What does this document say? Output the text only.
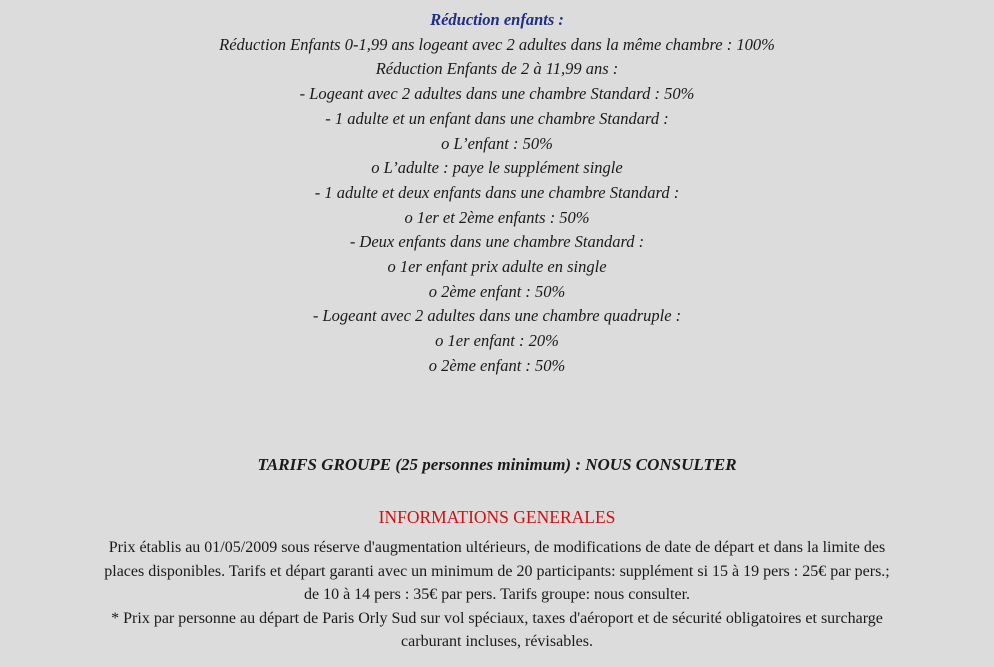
Réduction enfants :
Réduction Enfants 0-1,99 ans logeant avec 2 adultes dans la même chambre : 100%
Réduction Enfants de 2 à 11,99 ans :
- Logeant avec 2 adultes dans une chambre Standard : 50%
- 1 adulte et un enfant dans une chambre Standard :
o L’enfant : 50%
o L’adulte : paye le supplément single
- 1 adulte et deux enfants dans une chambre Standard :
o 1er et 2ème enfants : 50%
- Deux enfants dans une chambre Standard :
o 1er enfant prix adulte en single
o 2ème enfant : 50%
- Logeant avec 2 adultes dans une chambre quadruple :
o 1er enfant : 20%
o 2ème enfant : 50%
TARIFS GROUPE (25 personnes minimum) : NOUS CONSULTER
INFORMATIONS GENERALES
Prix établis au 01/05/2009 sous réserve d'augmentation ultérieurs, de modifications de date de départ et dans la limite des
places disponibles. Tarifs et départ garanti avec un minimum de 20 participants: supplément si 15 à 19 pers : 25€ par pers.;
de 10 à 14 pers : 35€ par pers. Tarifs groupe: nous consulter.
* Prix par personne au départ de Paris Orly Sud sur vol spéciaux, taxes d'aéroport et de sécurité obligatoires et surcharge
carburant incluses, révisables.
